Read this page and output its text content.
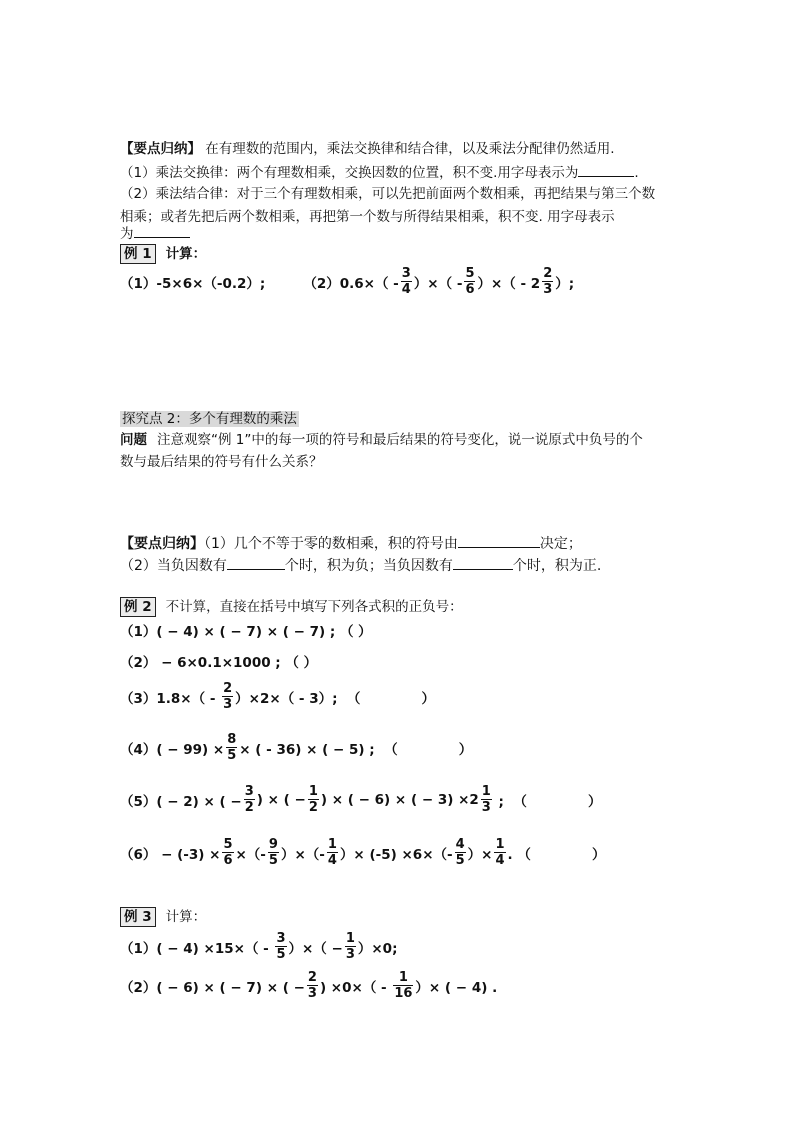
【要点归纳】 在有理数的范围内，乘法交换律和结合律，以及乘法分配律仍然适用.
（1）乘法交换律：两个有理数相乘，交换因数的位置，积不变.用字母表示为	.
（2）乘法结合律：对于三个有理数相乘，可以先把前面两个数相乘，再把结果与第三个数
相乘；或者先把后两个数相乘，再把第一个数与所得结果相乘，积不变. 用字母表示
为
例 1 计算：
（1）-5×6×（-0.2）;	$(2)0.6\times( - \frac{3}{4}$ ）×（ - $\frac{5}{6}$ ）×（ - $2 \frac{2}{3}$ ）;
探究点 2：多个有理数的乘法
问题 注意观察“例 1”中的每一项的符号和最后结果的符号变化，说一说原式中负号的个
数与最后结果的符号有什么关系？
【要点归纳】（1）几个不等于零的数相乘，积的符号由	决定；
（2）当负因数有	个时，积为负；当负因数有	个时，积为正.
例 2 不计算，直接在括号中填写下列各式积的正负号：
（1）( − 4) × ( − 7) × ( − 7) ; （ ）
（2） − 6×0.1×1000 ; （ ）
$(3)1.8\times( - \frac{2}{3} )\times 2\times( - 3)$;  （             ）
$(4)( - 99) \times \frac{8}{5}$ × ( - 36) × ( − 5) ;  （             ）
（5）( − 2) × ( − $\frac{3}{2}$ ) × ( − $\frac{1}{2}$ ) × ( − 6) × ( − $3) \times 2 \frac{1}{3}$ ;  （             ）
$(6) - (-3) \times \frac{5}{6}$ ×（- $\frac{9}{5}$ ）×（- $\frac{1}{4}$ ）× $(-5) \times 6\times(- \frac{4}{5}$ ）× $\frac{1}{4}$ . （             ）
例 3 计算：
$(1)( - 4) \times 15\times( - \frac{3}{5}$ ）×（ − $\frac{1}{3} )\times 0$;
（2）( − 6) × ( − 7) × ( − $\frac{2}{3}$ ) $\times 0\times( - \frac{1}{16}$ ）× ( − 4) .
